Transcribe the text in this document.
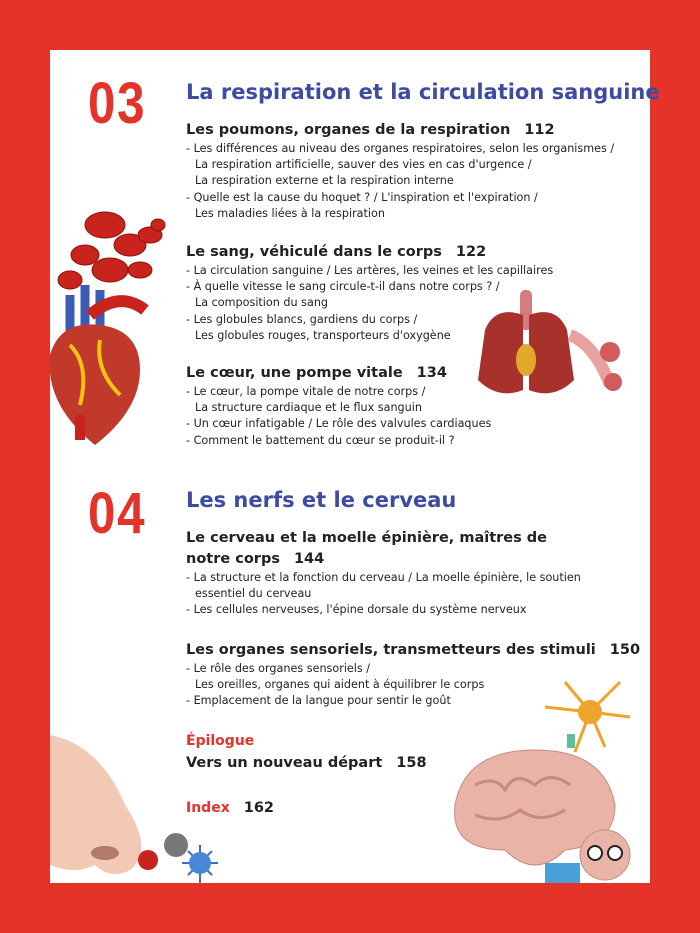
03 La respiration et la circulation sanguine
Les poumons, organes de la respiration 112
- Les différences au niveau des organes respiratoires, selon les organismes /
La respiration artificielle, sauver des vies en cas d'urgence /
La respiration externe et la respiration interne
- Quelle est la cause du hoquet ? / L'inspiration et l'expiration /
Les maladies liées à la respiration
Le sang, véhiculé dans le corps 122
- La circulation sanguine / Les artères, les veines et les capillaires
- À quelle vitesse le sang circule-t-il dans notre corps ? /
La composition du sang
- Les globules blancs, gardiens du corps /
Les globules rouges, transporteurs d'oxygène
Le cœur, une pompe vitale 134
- Le cœur, la pompe vitale de notre corps /
La structure cardiaque et le flux sanguin
- Un cœur infatigable / Le rôle des valvules cardiaques
- Comment le battement du cœur se produit-il ?
04 Les nerfs et le cerveau
Le cerveau et la moelle épinière, maîtres de
notre corps 144
- La structure et la fonction du cerveau / La moelle épinière, le soutien
essentiel du cerveau
- Les cellules nerveuses, l'épine dorsale du système nerveux
Les organes sensoriels, transmetteurs des stimuli 150
- Le rôle des organes sensoriels /
Les oreilles, organes qui aident à équilibrer le corps
- Emplacement de la langue pour sentir le goût
Épilogue
Vers un nouveau départ 158
Index 162
